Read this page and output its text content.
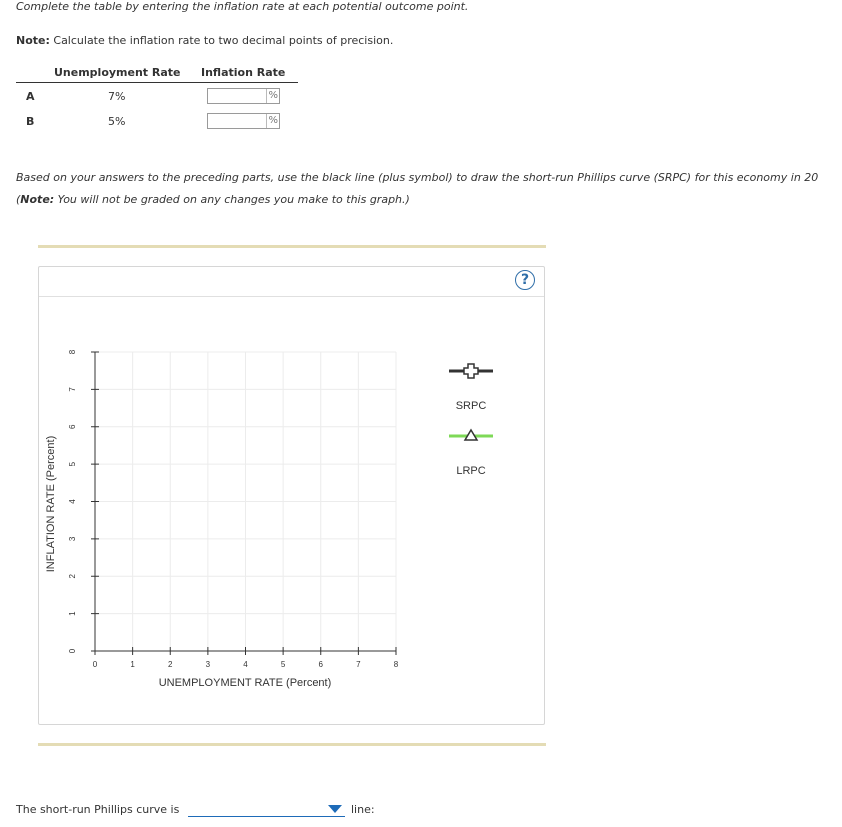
Complete the table by entering the inflation rate at each potential outcome point.
Note: Calculate the inflation rate to two decimal points of precision.
Unemployment Rate Inflation Rate
A	7%	%
B	5%	%
Based on your answers to the preceding parts, use the black line (plus symbol) to draw the short-run Phillips curve (SRPC) for this economy in 20
(Note: You will not be graded on any changes you make to this graph.)
?
0	1	2	3	4	5	6	7	8
0
1
2
3
4
5
6
7
8
UNEMPLOYMENT RATE (Percent)
INFLATION RATE (Percent)
SRPC
LRPC
The short-run Phillips curve is	line:
